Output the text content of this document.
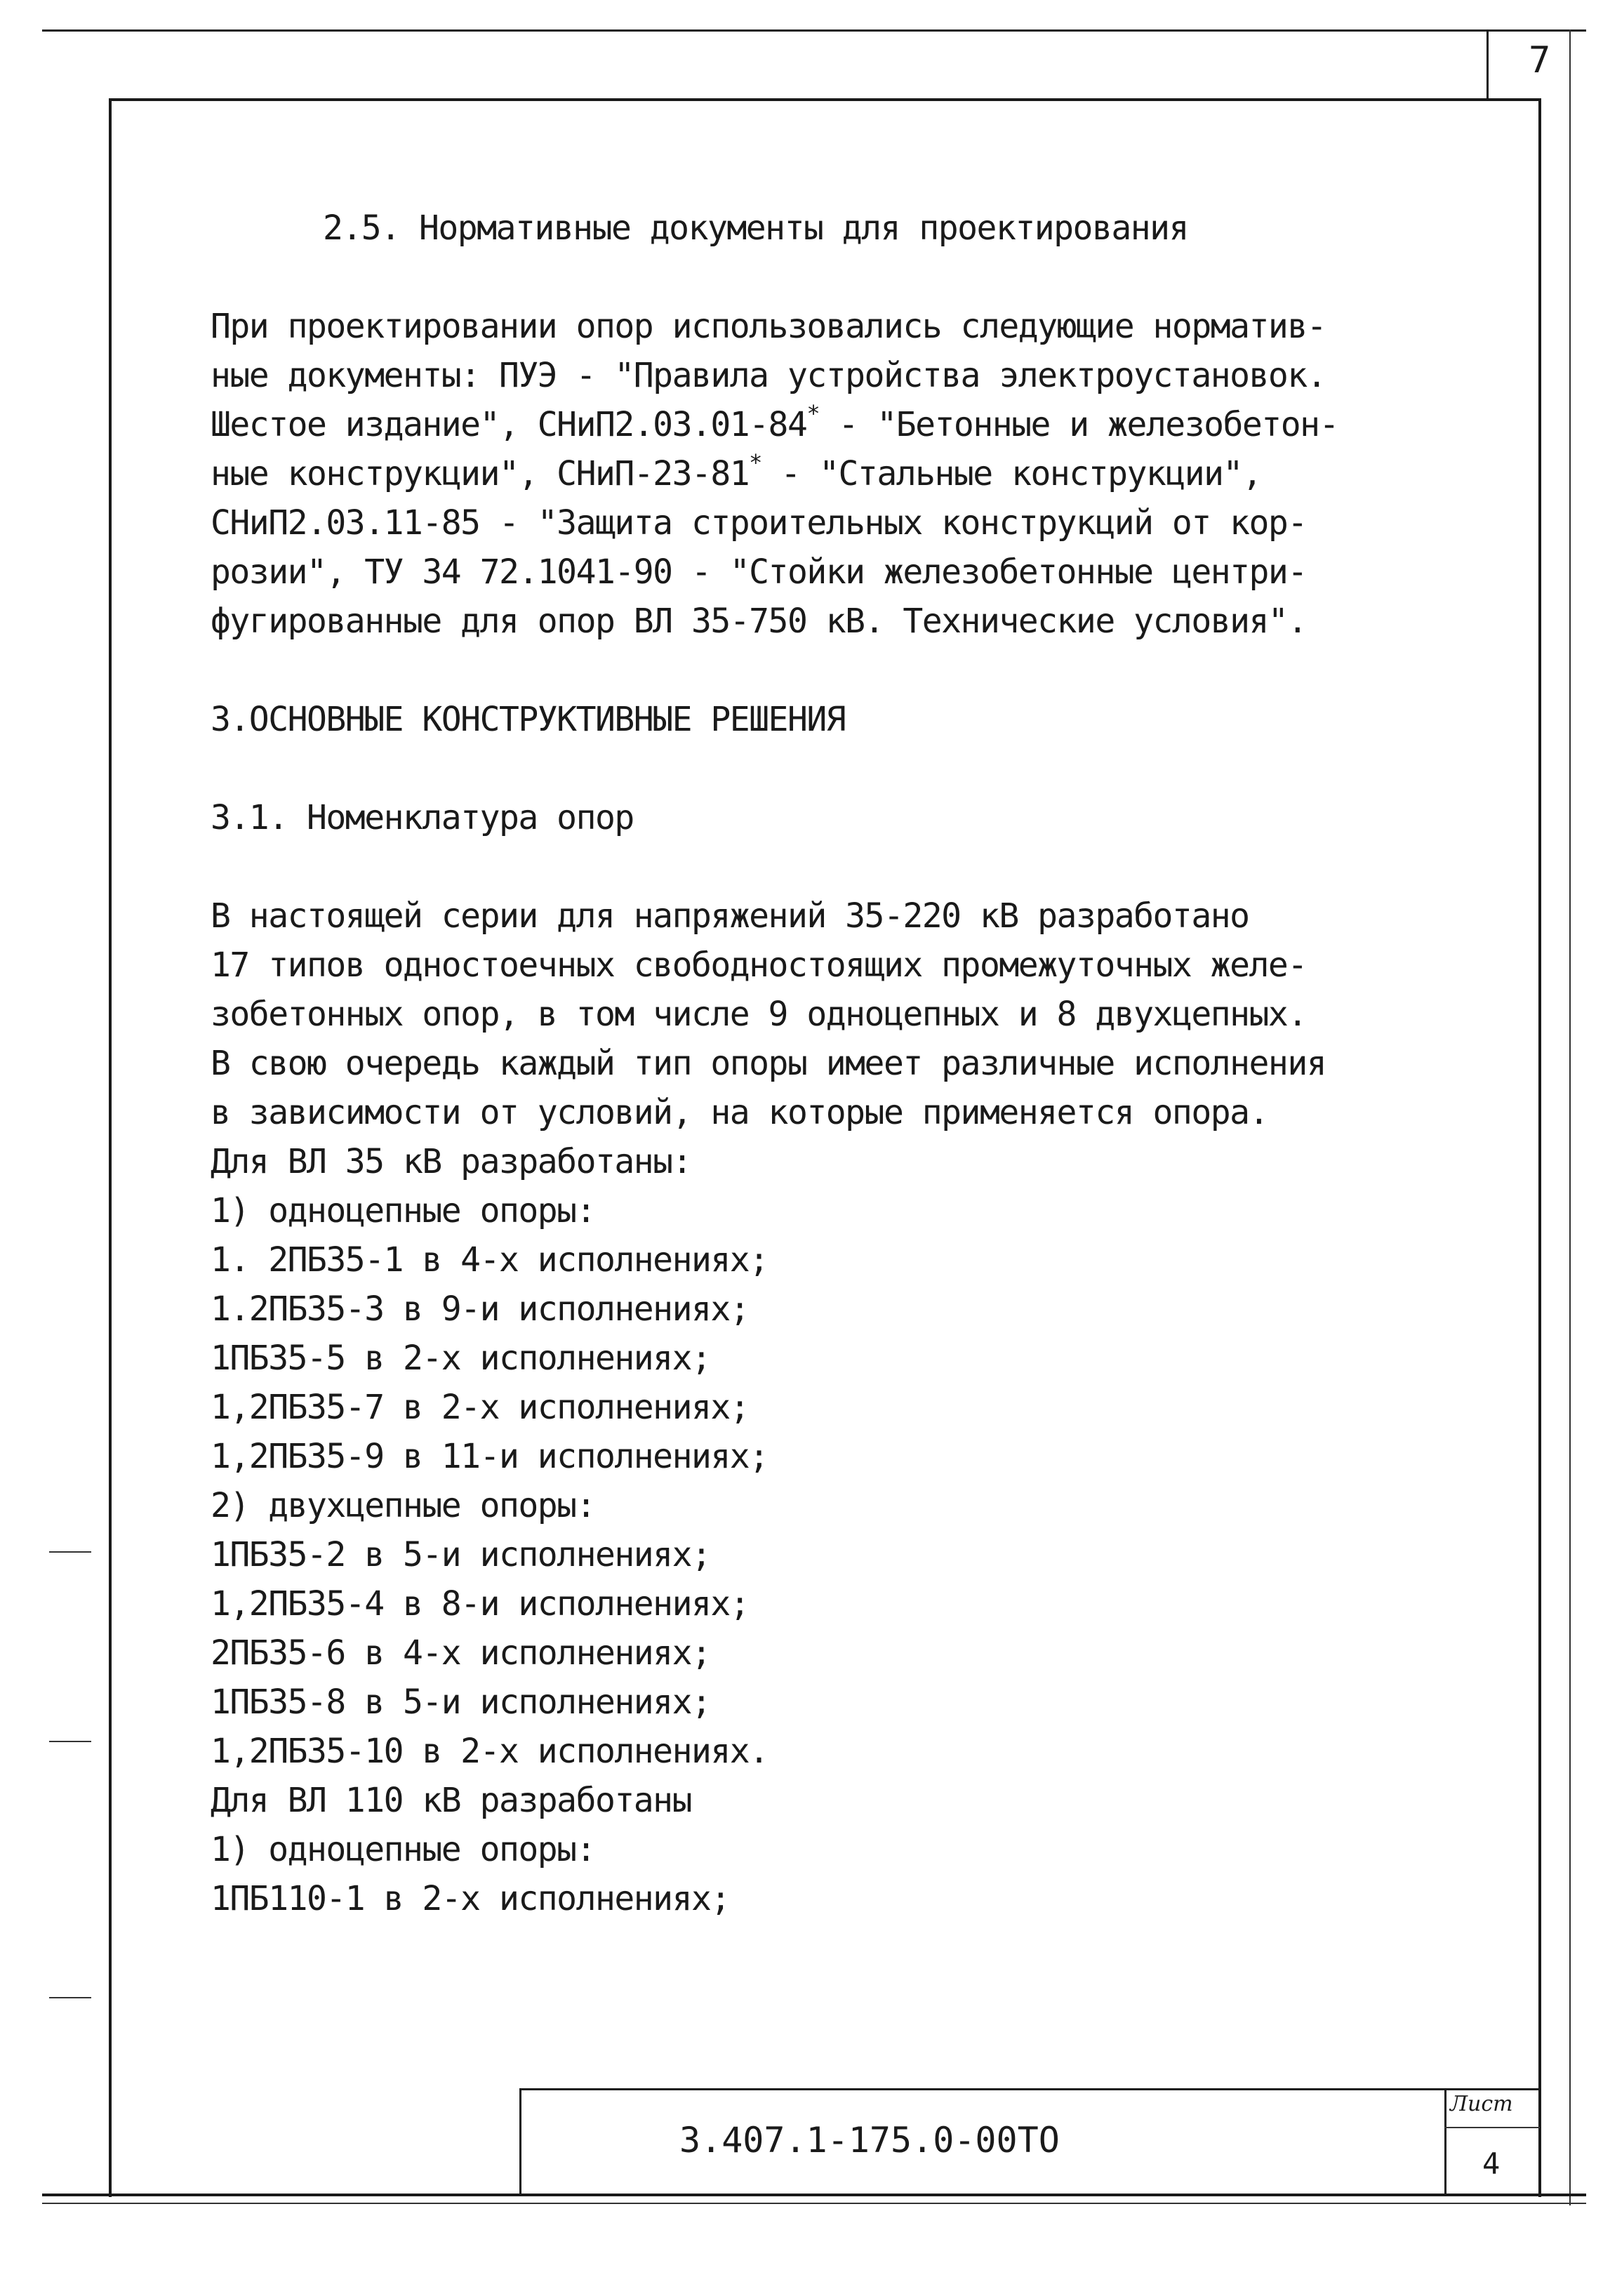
7
2.5. Нормативные документы для проектирования
При проектировании опор использовались следующие норматив-
ные документы: ПУЭ - "Правила устройства электроустановок.
Шестое издание", СНиП2.03.01-84* - "Бетонные и железобетон-
ные конструкции", СНиП-23-81* - "Стальные конструкции",
СНиП2.03.11-85 - "Защита строительных конструкций от кор-
розии", ТУ 34 72.1041-90 - "Стойки железобетонные центри-
фугированные для опор ВЛ 35-750 кВ. Технические условия".
3.ОСНОВНЫЕ КОНСТРУКТИВНЫЕ РЕШЕНИЯ
3.1. Номенклатура опор
В настоящей серии для напряжений 35-220 кВ разработано
17 типов одностоечных свободностоящих промежуточных желе-
зобетонных опор, в том числе 9 одноцепных и 8 двухцепных.
В свою очередь каждый тип опоры имеет различные исполнения
в зависимости от условий, на которые применяется опора.
Для ВЛ 35 кВ разработаны:
1) одноцепные опоры:
1. 2ПБ35-1 в 4-х исполнениях;
1.2ПБ35-3 в 9-и исполнениях;
1ПБ35-5 в 2-х исполнениях;
1,2ПБ35-7 в 2-х исполнениях;
1,2ПБ35-9 в 11-и исполнениях;
2) двухцепные опоры:
1ПБ35-2 в 5-и исполнениях;
1,2ПБ35-4 в 8-и исполнениях;
2ПБ35-6 в 4-х исполнениях;
1ПБ35-8 в 5-и исполнениях;
1,2ПБ35-10 в 2-х исполнениях.
Для ВЛ 110 кВ разработаны
1) одноцепные опоры:
1ПБ110-1 в 2-х исполнениях;
3.407.1-175.0-00ТО
Лист
4
